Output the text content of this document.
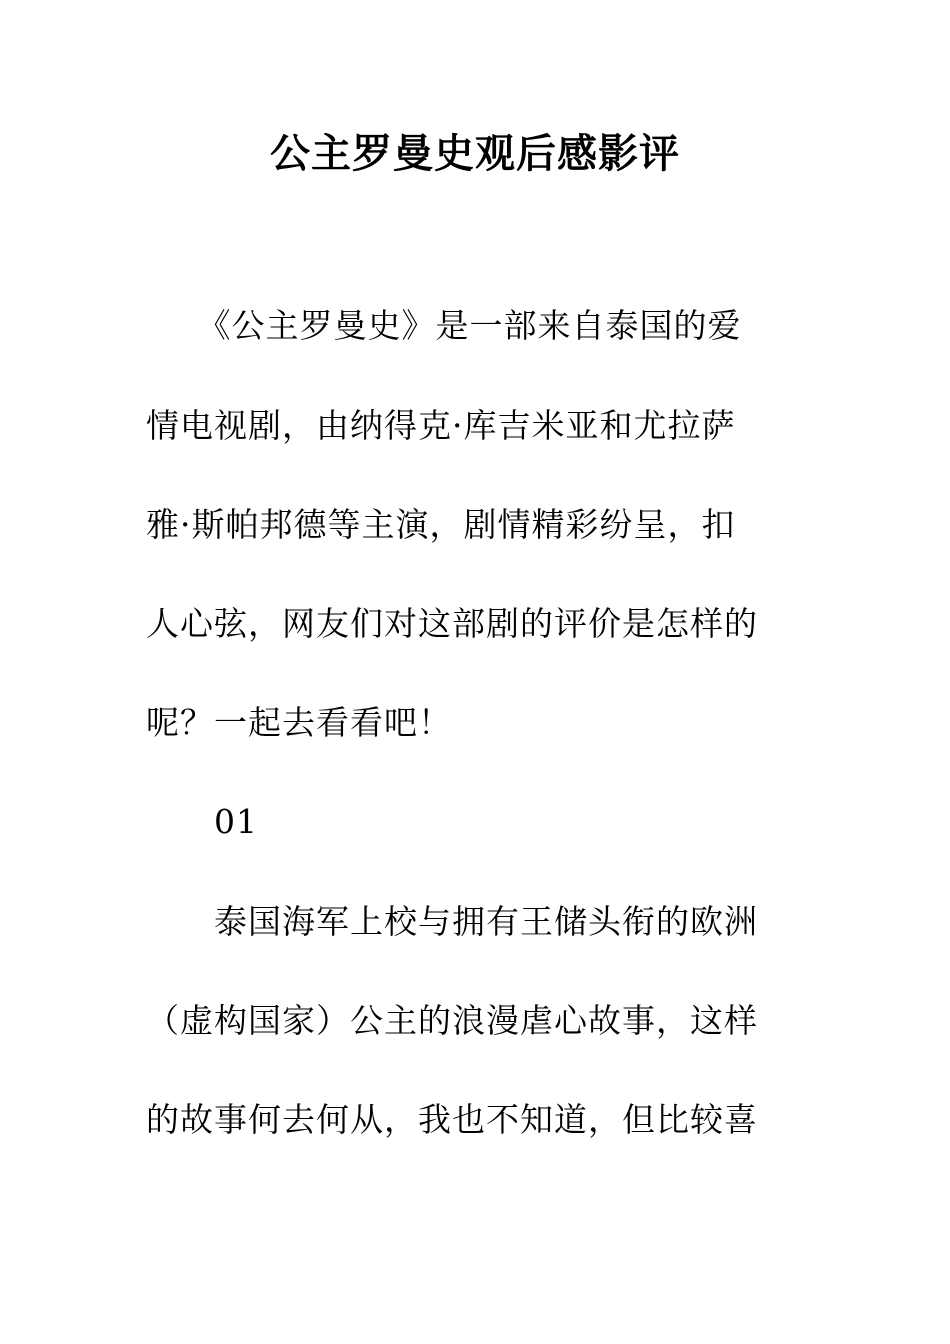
公主罗曼史观后感影评
　　《公主罗曼史》是一部来自泰国的爱
情电视剧，由纳得克·库吉米亚和尤拉萨
雅·斯帕邦德等主演，剧情精彩纷呈，扣
人心弦，网友们对这部剧的评价是怎样的
呢？一起去看看吧！
　　01
　　泰国海军上校与拥有王储头衔的欧洲
（虚构国家）公主的浪漫虐心故事，这样
的故事何去何从，我也不知道，但比较喜
